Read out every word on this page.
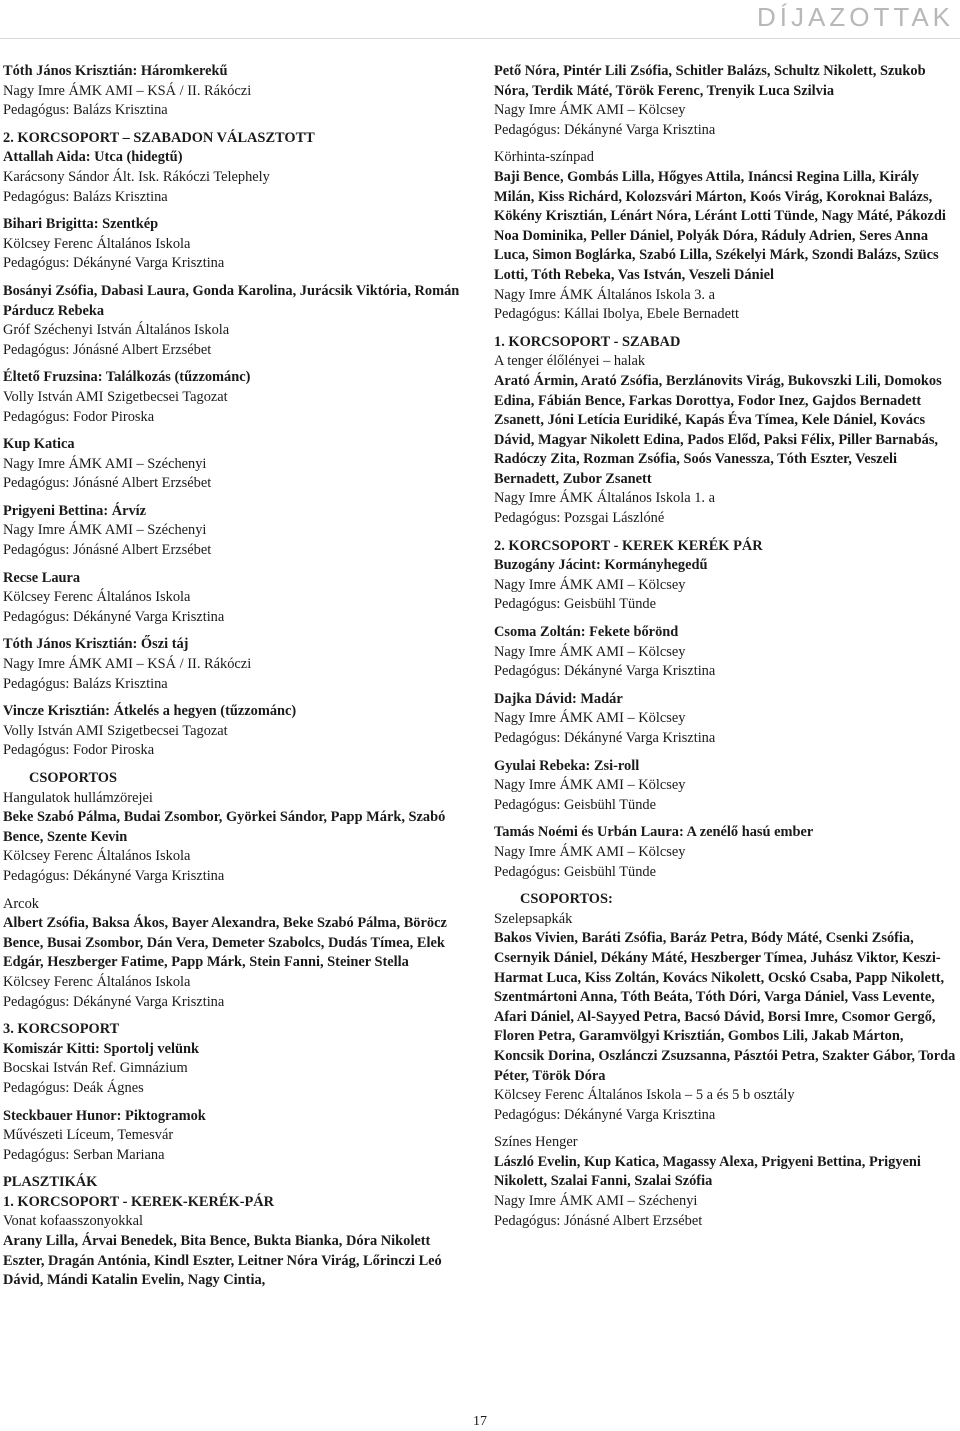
DÍJAZOTTAK

Tóth János Krisztián: Háromkerekű

Nagy Imre ÁMK AMI – KSÁ / II. Rákóczi

Pedagógus: Balázs Krisztina

2. KORCSOPORT – SZABADON VÁLASZTOTT

Attallah Aida: Utca (hidegtű)

Karácsony Sándor Ált. Isk. Rákóczi Telephely

Pedagógus: Balázs Krisztina

Bihari Brigitta: Szentkép

Kölcsey Ferenc Általános Iskola

Pedagógus: Dékányné Varga Krisztina

Bosányi Zsófia, Dabasi Laura, Gonda Karolina, Jurácsik Viktória, Román Párducz Rebeka

Gróf Széchenyi István Általános Iskola

Pedagógus: Jónásné Albert Erzsébet

Éltető Fruzsina: Találkozás (tűzzománc)

Volly István AMI Szigetbecsei Tagozat

Pedagógus: Fodor Piroska

Kup Katica

Nagy Imre ÁMK AMI – Széchenyi

Pedagógus: Jónásné Albert Erzsébet

Prigyeni Bettina: Árvíz

Nagy Imre ÁMK AMI – Széchenyi

Pedagógus: Jónásné Albert Erzsébet

Recse Laura

Kölcsey Ferenc Általános Iskola

Pedagógus: Dékányné Varga Krisztina

Tóth János Krisztián: Őszi táj

Nagy Imre ÁMK AMI – KSÁ / II. Rákóczi

Pedagógus: Balázs Krisztina

Vincze Krisztián: Átkelés a hegyen (tűzzománc)

Volly István AMI Szigetbecsei Tagozat

Pedagógus: Fodor Piroska

CSOPORTOS

Hangulatok hullámzörejei

Beke Szabó Pálma, Budai Zsombor, Györkei Sándor, Papp Márk, Szabó Bence, Szente Kevin

Kölcsey Ferenc Általános Iskola

Pedagógus: Dékányné Varga Krisztina

Arcok

Albert Zsófia, Baksa Ákos, Bayer Alexandra, Beke Szabó Pálma, Böröcz Bence, Busai Zsombor, Dán Vera, Demeter Szabolcs, Dudás Tímea, Elek Edgár, Heszberger Fatime, Papp Márk, Stein Fanni, Steiner Stella

Kölcsey Ferenc Általános Iskola

Pedagógus: Dékányné Varga Krisztina

3. KORCSOPORT

Komiszár Kitti: Sportolj velünk

Bocskai István Ref. Gimnázium

Pedagógus: Deák Ágnes

Steckbauer Hunor: Piktogramok

Művészeti Líceum, Temesvár

Pedagógus: Serban Mariana

PLASZTIKÁK

1. KORCSOPORT - KEREK-KERÉK-PÁR

Vonat kofaasszonyokkal

Arany Lilla, Árvai Benedek, Bita Bence, Bukta Bianka, Dóra Nikolett Eszter, Dragán Antónia, Kindl Eszter, Leitner Nóra Virág, Lőrinczi Leó Dávid, Mándi Katalin Evelin, Nagy Cintia,

Pető Nóra, Pintér Lili Zsófia, Schitler Balázs, Schultz Nikolett, Szukob Nóra, Terdik Máté, Török Ferenc, Trenyik Luca Szilvia

Nagy Imre ÁMK AMI – Kölcsey

Pedagógus: Dékányné Varga Krisztina

Körhinta-színpad

Baji Bence, Gombás Lilla, Hőgyes Attila, Ináncsi Regina Lilla, Király Milán, Kiss Richárd, Kolozsvári Márton, Koós Virág, Koroknai Balázs, Kökény Krisztián, Lénárt Nóra, Léránt Lotti Tünde, Nagy Máté, Pákozdi Noa Dominika, Peller Dániel, Polyák Dóra, Ráduly Adrien, Seres Anna Luca, Simon Boglárka, Szabó Lilla, Székelyi Márk, Szondi Balázs, Szücs Lotti, Tóth Rebeka, Vas István, Veszeli Dániel

Nagy Imre ÁMK Általános Iskola 3. a

Pedagógus: Kállai Ibolya, Ebele Bernadett

1. KORCSOPORT - SZABAD

A tenger élőlényei – halak

Arató Ármin, Arató Zsófia, Berzlánovits Virág, Bukovszki Lili, Domokos Edina, Fábián Bence, Farkas Dorottya, Fodor Inez, Gajdos Bernadett Zsanett, Jóni Letícia Euridiké, Kapás Éva Tímea, Kele Dániel, Kovács Dávid, Magyar Nikolett Edina, Pados Előd, Paksi Félix, Piller Barnabás, Radóczy Zita, Rozman Zsófia, Soós Vanessza, Tóth Eszter, Veszeli Bernadett, Zubor Zsanett

Nagy Imre ÁMK Általános Iskola 1. a

Pedagógus: Pozsgai Lászlóné

2. KORCSOPORT - KEREK KERÉK PÁR

Buzogány Jácint: Kormányhegedű

Nagy Imre ÁMK AMI – Kölcsey

Pedagógus: Geisbühl Tünde

Csoma Zoltán: Fekete bőrönd

Nagy Imre ÁMK AMI – Kölcsey

Pedagógus: Dékányné Varga Krisztina

Dajka Dávid: Madár

Nagy Imre ÁMK AMI – Kölcsey

Pedagógus: Dékányné Varga Krisztina

Gyulai Rebeka: Zsi-roll

Nagy Imre ÁMK AMI – Kölcsey

Pedagógus: Geisbühl Tünde

Tamás Noémi és Urbán Laura: A zenélő hasú ember

Nagy Imre ÁMK AMI – Kölcsey

Pedagógus: Geisbühl Tünde

CSOPORTOS:

Szelepsapkák

Bakos Vivien, Baráti Zsófia, Baráz Petra, Bódy Máté, Csenki Zsófia, Csernyik Dániel, Dékány Máté, Heszberger Tímea, Juhász Viktor, Keszi-Harmat Luca, Kiss Zoltán, Kovács Nikolett, Ocskó Csaba, Papp Nikolett, Szentmártoni Anna, Tóth Beáta, Tóth Dóri, Varga Dániel, Vass Levente, Afari Dániel, Al-Sayyed Petra, Bacsó Dávid, Borsi Imre, Csomor Gergő, Floren Petra, Garamvölgyi Krisztián, Gombos Lili, Jakab Márton, Koncsik Dorina, Oszlánczi Zsuzsanna, Pásztói Petra, Szakter Gábor, Torda Péter, Török Dóra

Kölcsey Ferenc Általános Iskola – 5 a és 5 b osztály

Pedagógus: Dékányné Varga Krisztina

Színes Henger

László Evelin, Kup Katica, Magassy Alexa, Prigyeni Bettina, Prigyeni Nikolett, Szalai Fanni, Szalai Szófia

Nagy Imre ÁMK AMI – Széchenyi

Pedagógus: Jónásné Albert Erzsébet

17
